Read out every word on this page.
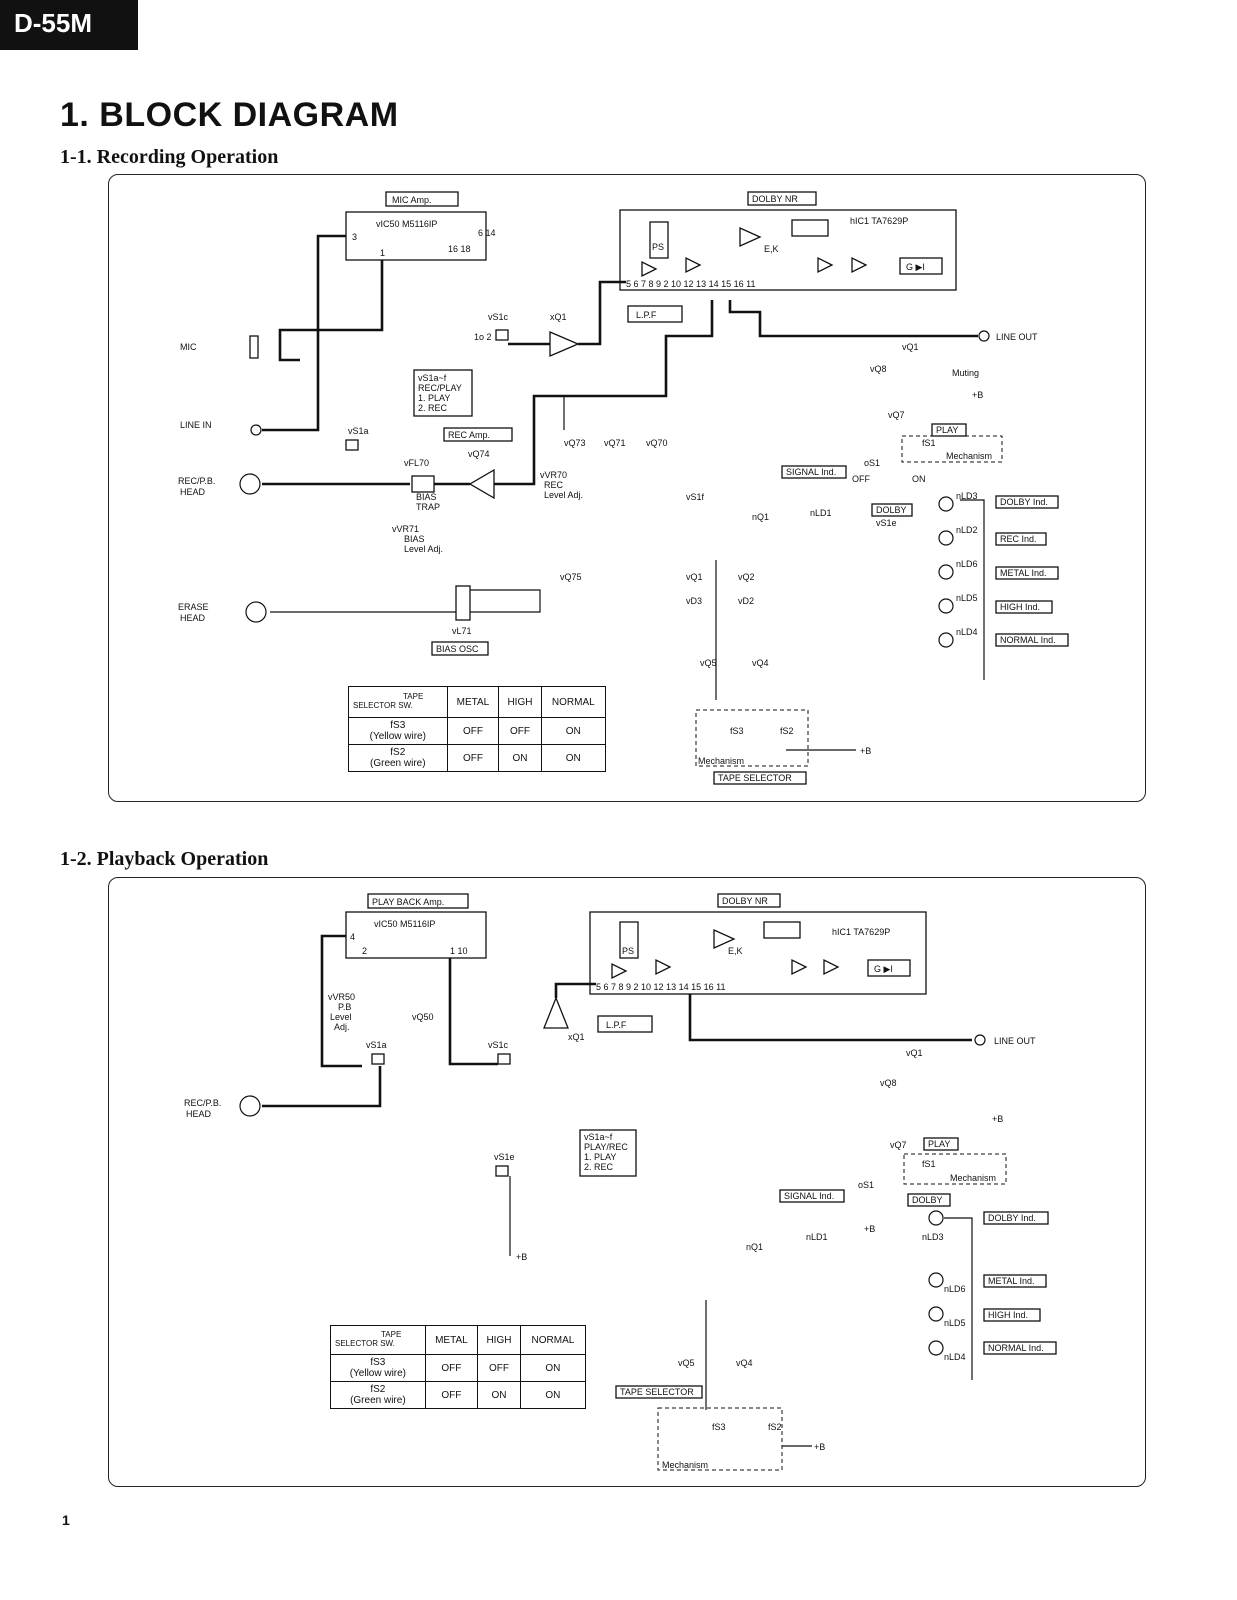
D-55M
1. BLOCK DIAGRAM
1-1. Recording Operation
1-2. Playback Operation
MIC Amp.
vIC50 M5116IP
3
1	16 18
6 14
DOLBY NR
hIC1 TA7629P
PS	E,K
G ▶I
5 6 7 8 9 2 10 12 13 14 15 16 11
L.P.F
MIC
LINE IN
REC/P.B.
HEAD
ERASE
HEAD
vFL70
BIAS
TRAP
vQ74
REC Amp.
vVR70
REC
Level Adj.
vS1c
1o 2
xQ1
vS1a~f
REC/PLAY
1. PLAY
2. REC
vS1a
vVR71
BIAS
Level Adj.
vL71
BIAS OSC
vQ75
vQ73 vQ71 vQ70
LINE OUT
vQ1
vQ8	Muting
+B
vQ7
PLAY
fS1
Mechanism
oS1
OFF	ON
SIGNAL Ind.
nQ1	nLD1	DOLBY
vS1e
vS1f	nLD3
nLD2
nLD6
nLD5
nLD4
DOLBY Ind.
REC Ind.
METAL Ind.
HIGH Ind.
NORMAL Ind.
vQ1	vQ2
vD3	vD2
vQ5	vQ4
fS3	fS2
Mechanism
+B
TAPE SELECTOR
PLAY BACK Amp.
vIC50 M5116IP
4
2	1 10
DOLBY NR
hIC1 TA7629P
PS	E,K
G ▶I
5 6 7 8 9 2 10 12 13 14 15 16 11
L.P.F
REC/P.B.
HEAD
vVR50
P.B
Level
Adj.
vQ50
vS1a	vS1c
xQ1
vS1a~f
PLAY/REC
1. PLAY
2. REC
vS1e
+B
LINE OUT
vQ1
vQ8
+B
vQ7 PLAY
fS1
Mechanism
oS1
DOLBY
SIGNAL Ind.
nQ1
nLD1
+B
nLD3
nLD6
nLD5
nLD4
DOLBY Ind.
METAL Ind.
HIGH Ind.
NORMAL Ind.
vQ5	vQ4
TAPE SELECTOR
fS3	fS2
Mechanism
+B
TAPE
SELECTOR SW.	METAL	HIGH	NORMAL
fS3
(Yellow wire)	OFF	OFF	ON
fS2
(Green wire)	OFF	ON	ON
TAPE
SELECTOR SW.	METAL	HIGH	NORMAL
fS3
(Yellow wire)	OFF	OFF	ON
fS2
(Green wire)	OFF	ON	ON
1
